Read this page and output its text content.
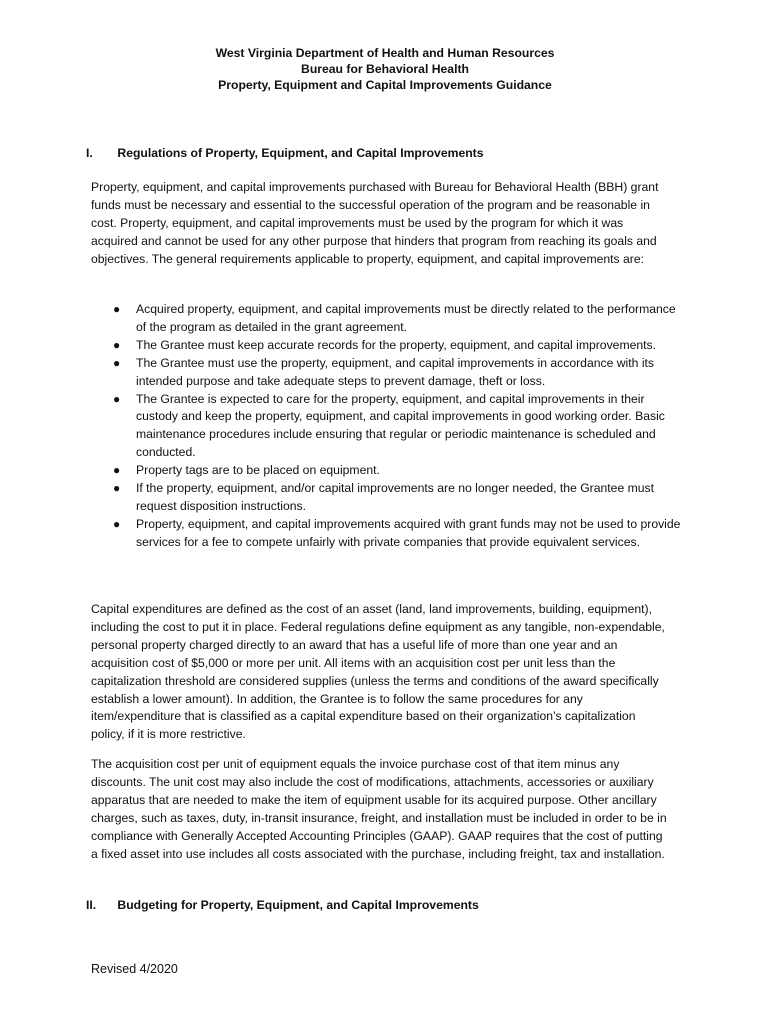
West Virginia Department of Health and Human Resources
Bureau for Behavioral Health
Property, Equipment and Capital Improvements Guidance
I. Regulations of Property, Equipment, and Capital Improvements

Property, equipment, and capital improvements purchased with Bureau for Behavioral Health (BBH) grant funds must be necessary and essential to the successful operation of the program and be reasonable in cost. Property, equipment, and capital improvements must be used by the program for which it was acquired and cannot be used for any other purpose that hinders that program from reaching its goals and objectives. The general requirements applicable to property, equipment, and capital improvements are:

● Acquired property, equipment, and capital improvements must be directly related to the performance of the program as detailed in the grant agreement.
● The Grantee must keep accurate records for the property, equipment, and capital improvements.
● The Grantee must use the property, equipment, and capital improvements in accordance with its intended purpose and take adequate steps to prevent damage, theft or loss.
● The Grantee is expected to care for the property, equipment, and capital improvements in their custody and keep the property, equipment, and capital improvements in good working order. Basic maintenance procedures include ensuring that regular or periodic maintenance is scheduled and conducted.
● Property tags are to be placed on equipment.
● If the property, equipment, and/or capital improvements are no longer needed, the Grantee must request disposition instructions.
● Property, equipment, and capital improvements acquired with grant funds may not be used to provide services for a fee to compete unfairly with private companies that provide equivalent services.

Capital expenditures are defined as the cost of an asset (land, land improvements, building, equipment), including the cost to put it in place. Federal regulations define equipment as any tangible, non-expendable, personal property charged directly to an award that has a useful life of more than one year and an acquisition cost of $5,000 or more per unit. All items with an acquisition cost per unit less than the capitalization threshold are considered supplies (unless the terms and conditions of the award specifically establish a lower amount). In addition, the Grantee is to follow the same procedures for any item/expenditure that is classified as a capital expenditure based on their organization’s capitalization policy, if it is more restrictive.

The acquisition cost per unit of equipment equals the invoice purchase cost of that item minus any discounts. The unit cost may also include the cost of modifications, attachments, accessories or auxiliary apparatus that are needed to make the item of equipment usable for its acquired purpose. Other ancillary charges, such as taxes, duty, in-transit insurance, freight, and installation must be included in order to be in compliance with Generally Accepted Accounting Principles (GAAP). GAAP requires that the cost of putting a fixed asset into use includes all costs associated with the purchase, including freight, tax and installation.

II. Budgeting for Property, Equipment, and Capital Improvements
Revised 4/2020
